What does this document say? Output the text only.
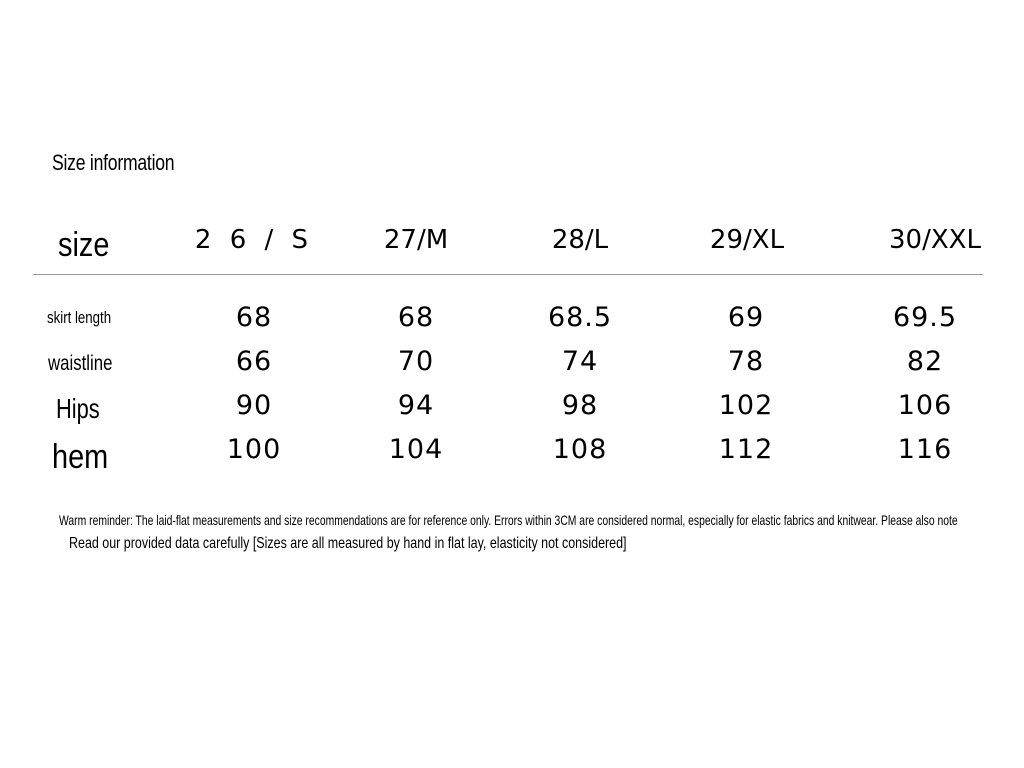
Size information
size	2 6 / S	27/M	28/L	29/XL	30/XXL
skirt length	68	68	68.5	69	69.5
waistline	66	70	74	78	82
Hips	90	94	98	102	106
hem	100	104	108	112	116
Warm reminder: The laid-flat measurements and size recommendations are for reference only. Errors within 3CM are considered normal, especially for elastic fabrics and knitwear. Please also note
Read our provided data carefully [Sizes are all measured by hand in flat lay, elasticity not considered]
